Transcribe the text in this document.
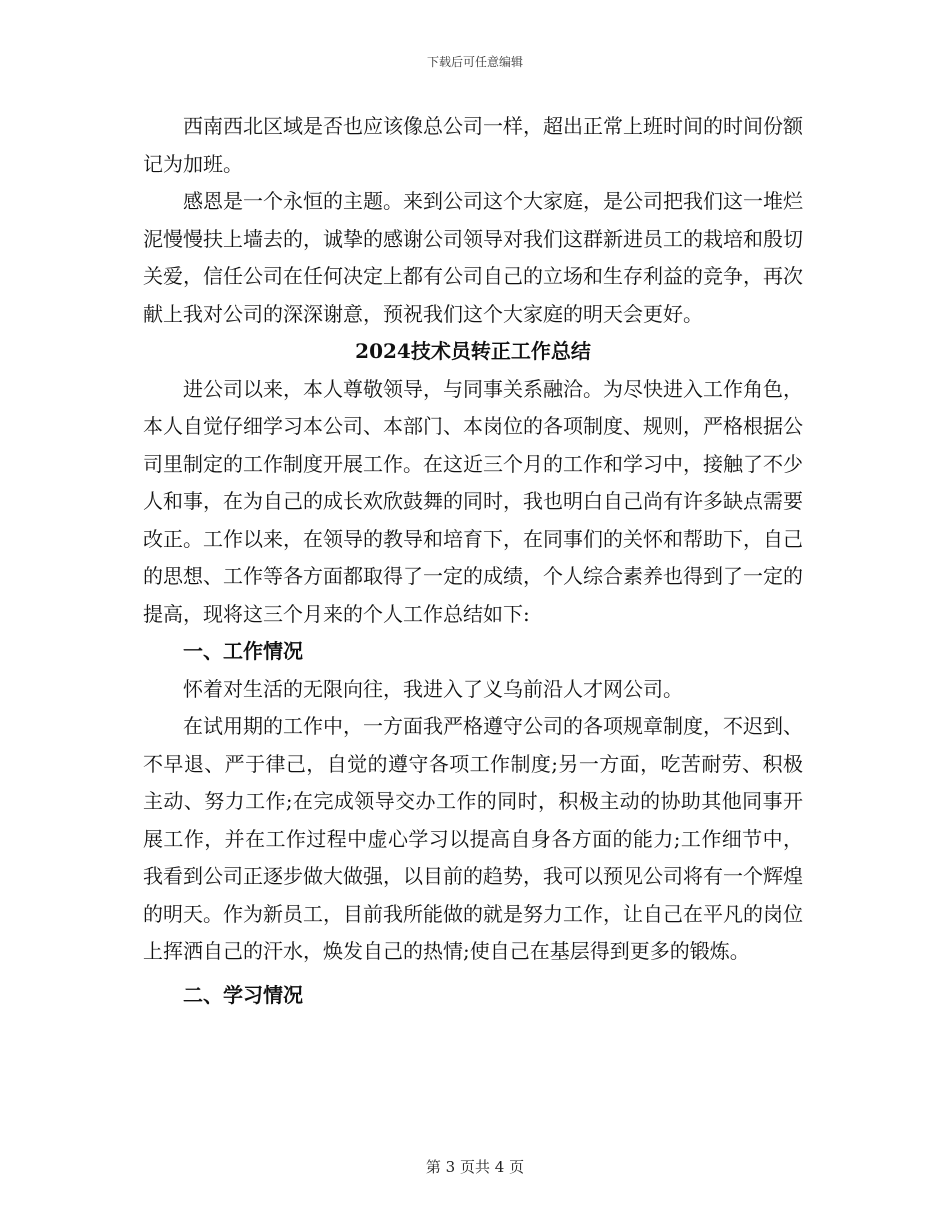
下载后可任意编辑

西南西北区域是否也应该像总公司一样，超出正常上班时间的时间份额记为加班。

感恩是一个永恒的主题。来到公司这个大家庭，是公司把我们这一堆烂泥慢慢扶上墙去的，诚挚的感谢公司领导对我们这群新进员工的栽培和殷切关爱，信任公司在任何决定上都有公司自己的立场和生存利益的竞争，再次献上我对公司的深深谢意，预祝我们这个大家庭的明天会更好。

2024技术员转正工作总结

进公司以来，本人尊敬领导，与同事关系融洽。为尽快进入工作角色，本人自觉仔细学习本公司、本部门、本岗位的各项制度、规则，严格根据公司里制定的工作制度开展工作。在这近三个月的工作和学习中，接触了不少人和事，在为自己的成长欢欣鼓舞的同时，我也明白自己尚有许多缺点需要改正。工作以来，在领导的教导和培育下，在同事们的关怀和帮助下，自己的思想、工作等各方面都取得了一定的成绩，个人综合素养也得到了一定的提高，现将这三个月来的个人工作总结如下:

一、工作情况

怀着对生活的无限向往，我进入了义乌前沿人才网公司。

在试用期的工作中，一方面我严格遵守公司的各项规章制度，不迟到、不早退、严于律己，自觉的遵守各项工作制度;另一方面，吃苦耐劳、积极主动、努力工作;在完成领导交办工作的同时，积极主动的协助其他同事开展工作，并在工作过程中虚心学习以提高自身各方面的能力;工作细节中，我看到公司正逐步做大做强，以目前的趋势，我可以预见公司将有一个辉煌的明天。作为新员工，目前我所能做的就是努力工作，让自己在平凡的岗位上挥洒自己的汗水，焕发自己的热情;使自己在基层得到更多的锻炼。

二、学习情况
第 3 页共 4 页
